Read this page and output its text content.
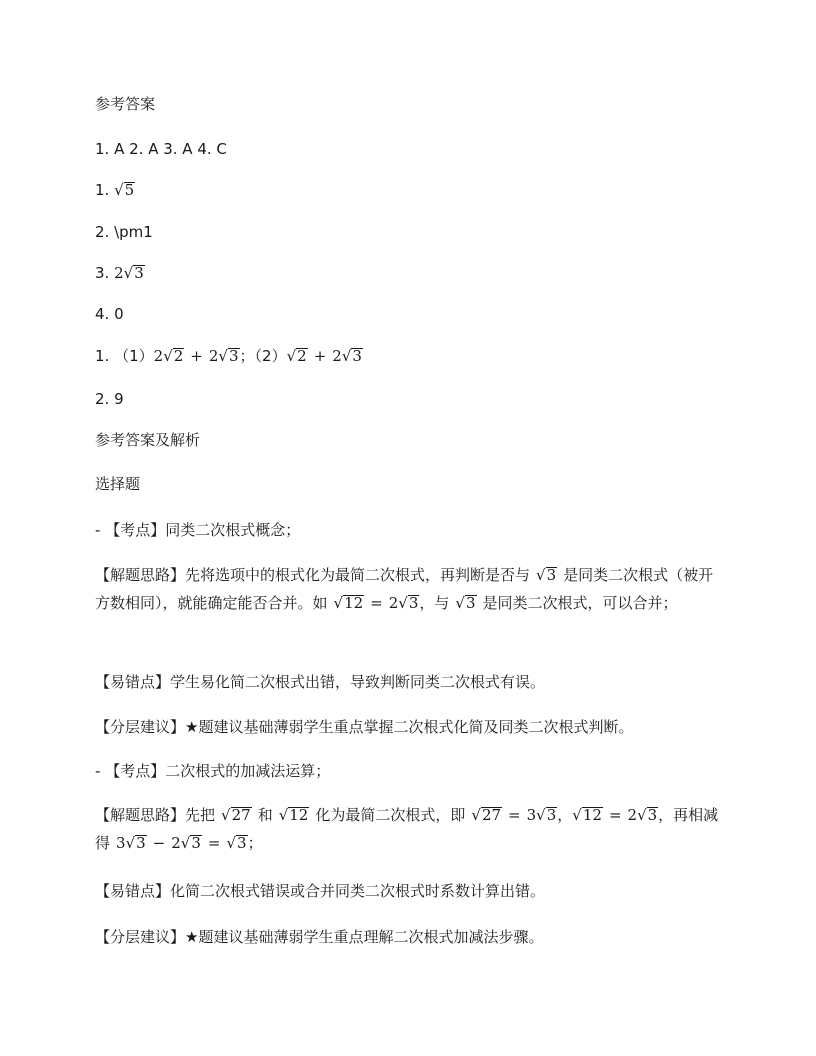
参考答案
1. A 2. A 3. A 4. C
1. √5
2. \pm1
3. 2√3
4. 0
1. （1）2√2 + 2√3；（2）√2 + 2√3
2. 9
参考答案及解析
选择题
- 【考点】同类二次根式概念；
【解题思路】先将选项中的根式化为最简二次根式，再判断是否与 √3 是同类二次根式（被开方数相同），就能确定能否合并。如 √12 = 2√3，与 √3 是同类二次根式，可以合并；
【易错点】学生易化简二次根式出错，导致判断同类二次根式有误。
【分层建议】★题建议基础薄弱学生重点掌握二次根式化简及同类二次根式判断。
- 【考点】二次根式的加减法运算；
【解题思路】先把 √27 和 √12 化为最简二次根式，即 √27 = 3√3，√12 = 2√3，再相减得 3√3 − 2√3 = √3；
【易错点】化简二次根式错误或合并同类二次根式时系数计算出错。
【分层建议】★题建议基础薄弱学生重点理解二次根式加减法步骤。
